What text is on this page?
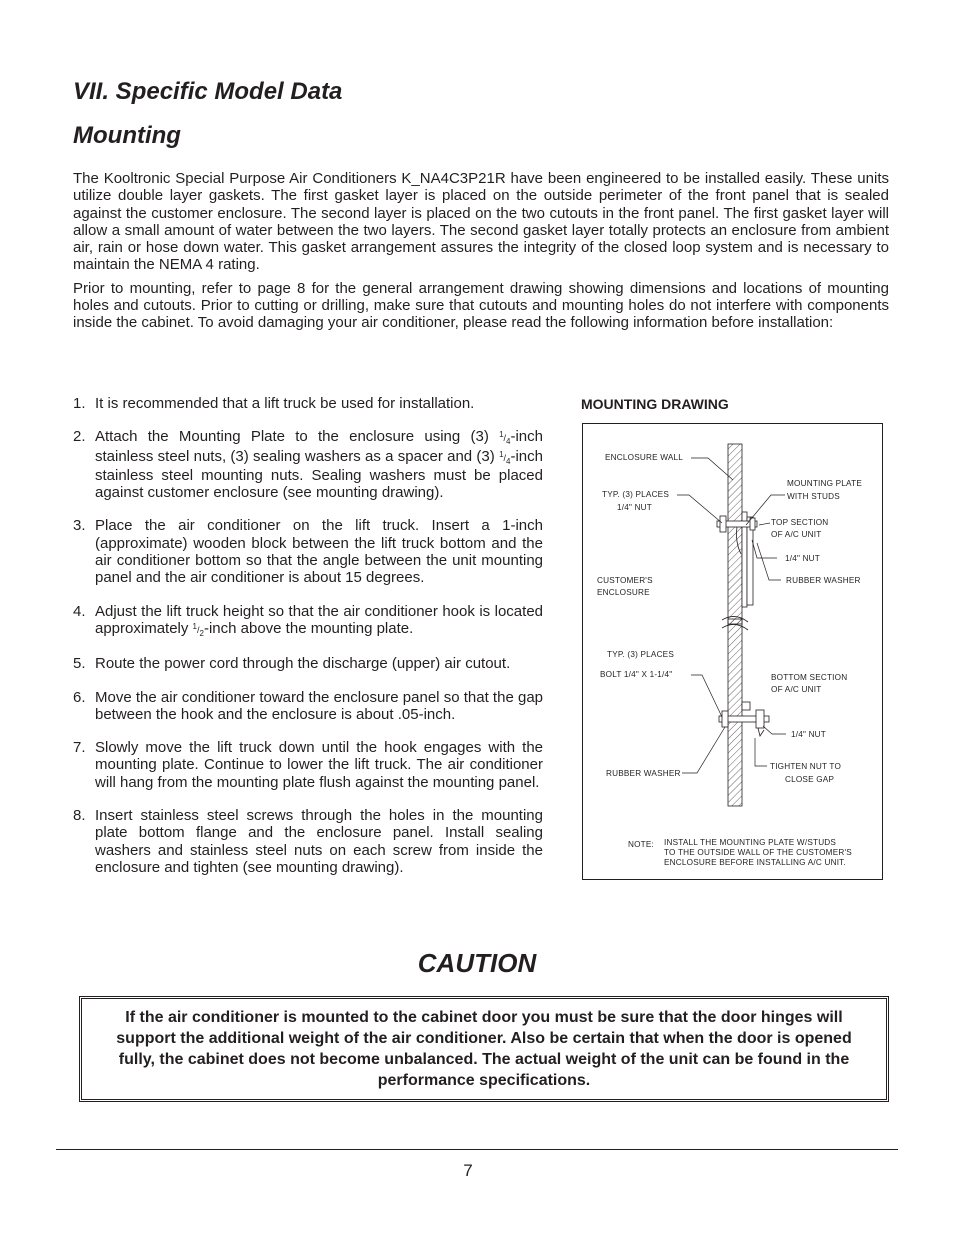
VII. Specific Model Data
Mounting

The Kooltronic Special Purpose Air Conditioners K_NA4C3P21R have been engineered to be installed easily. These units utilize double layer gaskets. The first gasket layer is placed on the outside perimeter of the front panel that is sealed against the customer enclosure. The second layer is placed on the two cutouts in the front panel. The first gasket layer will allow a small amount of water between the two layers. The second gasket layer totally protects an enclosure from ambient air, rain or hose down water. This gasket arrangement assures the integrity of the closed loop system and is necessary to maintain the NEMA 4 rating.

Prior to mounting, refer to page 8 for the general arrangement drawing showing dimensions and locations of mounting holes and cutouts. Prior to cutting or drilling, make sure that cutouts and mounting holes do not interfere with components inside the cabinet. To avoid damaging your air conditioner, please read the following information before installation:

1. It is recommended that a lift truck be used for installation.
2. Attach the Mounting Plate to the enclosure using (3) $^1/_4$-inch stainless steel nuts, (3) sealing washers as a spacer and (3) $^1/_4$-inch stainless steel mounting nuts. Sealing washers must be placed against customer enclosure (see mounting drawing).
3. Place the air conditioner on the lift truck. Insert a 1-inch (approximate) wooden block between the lift truck bottom and the air conditioner bottom so that the angle between the unit mounting panel and the air conditioner is about 15 degrees.
4. Adjust the lift truck height so that the air conditioner hook is located approximately $^1/_2$-inch above the mounting plate.
5. Route the power cord through the discharge (upper) air cutout.
6. Move the air conditioner toward the enclosure panel so that the gap between the hook and the enclosure is about .05-inch.
7. Slowly move the lift truck down until the hook engages with the mounting plate. Continue to lower the lift truck. The air conditioner will hang from the mounting plate flush against the mounting panel.
8. Insert stainless steel screws through the holes in the mounting plate bottom flange and the enclosure panel. Install sealing washers and stainless steel nuts on each screw from inside the enclosure and tighten (see mounting drawing).
MOUNTING DRAWING
ENCLOSURE WALL
MOUNTING PLATE
WITH STUDS
TYP. (3) PLACES
1/4" NUT
TOP SECTION
OF A/C UNIT
1/4" NUT
CUSTOMER'S
ENCLOSURE
RUBBER WASHER
TYP. (3) PLACES
BOLT 1/4" X 1-1/4"	BOTTOM SECTION
OF A/C UNIT
1/4" NUT
RUBBER WASHER
TIGHTEN NUT TO
CLOSE GAP
NOTE: INSTALL THE MOUNTING PLATE W/STUDS
TO THE OUTSIDE WALL OF THE CUSTOMER'S
ENCLOSURE BEFORE INSTALLING A/C UNIT.
CAUTION

If the air conditioner is mounted to the cabinet door you must be sure that the door hinges will support the additional weight of the air conditioner. Also be certain that when the door is opened fully, the cabinet does not become unbalanced. The actual weight of the unit can be found in the performance specifications.

7
